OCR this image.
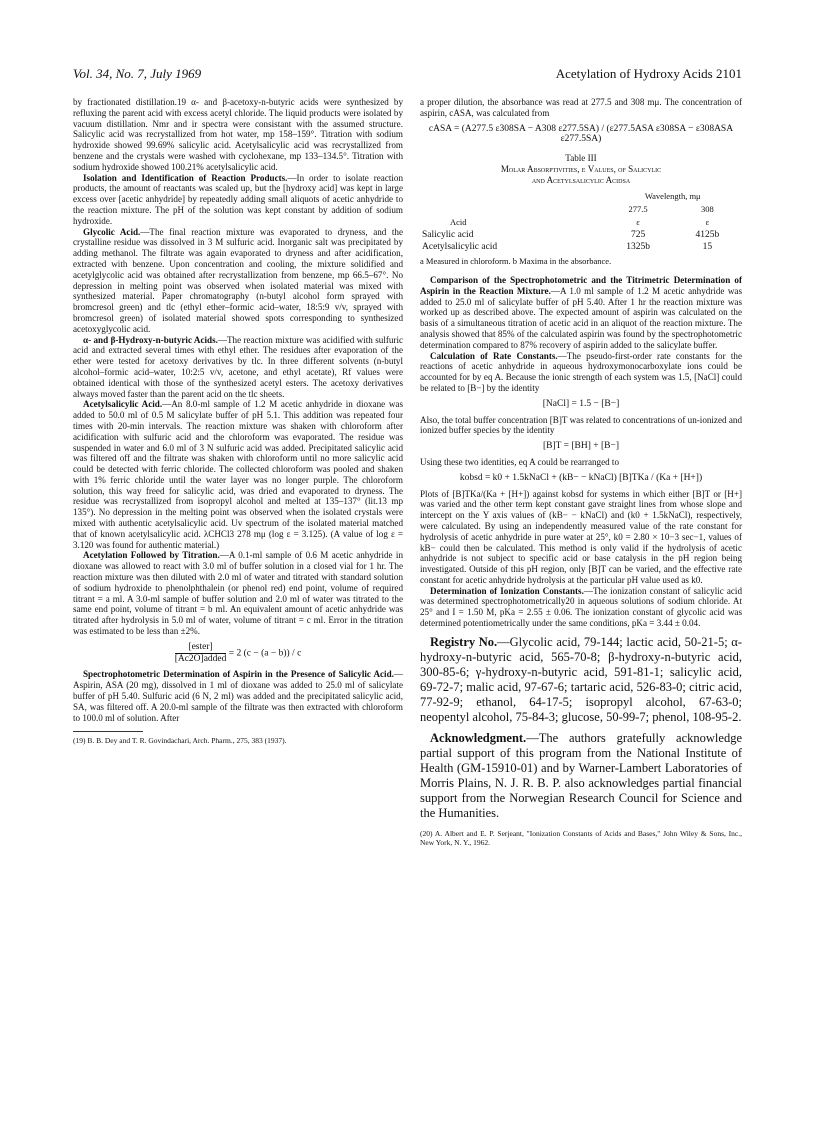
Vol. 34, No. 7, July 1969	Acetylation of Hydroxy Acids 2101

by fractionated distillation.19 α- and β-acetoxy-n-butyric acids were synthesized by refluxing the parent acid with excess acetyl chloride. The liquid products were isolated by vacuum distillation. Nmr and ir spectra were consistant with the assumed structure. Salicylic acid was recrystallized from hot water, mp 158–159°. Titration with sodium hydroxide showed 99.69% salicylic acid. Acetylsalicylic acid was recrystallized from benzene and the crystals were washed with cyclohexane, mp 133–134.5°. Titration with sodium hydroxide showed 100.21% acetylsalicylic acid.

Isolation and Identification of Reaction Products.—In order to isolate reaction products, the amount of reactants was scaled up, but the [hydroxy acid] was kept in large excess over [acetic anhydride] by repeatedly adding small aliquots of acetic anhydride to the reaction mixture. The pH of the solution was kept constant by addition of sodium hydroxide.

Glycolic Acid.—The final reaction mixture was evaporated to dryness, and the crystalline residue was dissolved in 3 M sulfuric acid. Inorganic salt was precipitated by adding methanol. The filtrate was again evaporated to dryness and after acidification, extracted with benzene. Upon concentration and cooling, the mixture solidified and acetylglycolic acid was obtained after recrystallization from benzene, mp 66.5–67°. No depression in melting point was observed when isolated material was mixed with synthesized material. Paper chromatography (n-butyl alcohol form sprayed with bromcresol green) and tlc (ethyl ether–formic acid–water, 18:5:9 v/v, sprayed with bromcresol green) of isolated material showed spots corresponding to synthesized acetoxyglycolic acid.

α- and β-Hydroxy-n-butyric Acids.—The reaction mixture was acidified with sulfuric acid and extracted several times with ethyl ether. The residues after evaporation of the ether were tested for acetoxy derivatives by tlc. In three different solvents (n-butyl alcohol–formic acid–water, 10:2:5 v/v, acetone, and ethyl acetate), Rf values were obtained identical with those of the synthesized acetyl esters. The acetoxy derivatives always moved faster than the parent acid on the tlc sheets.

Acetylsalicylic Acid.—An 8.0-ml sample of 1.2 M acetic anhydride in dioxane was added to 50.0 ml of 0.5 M salicylate buffer of pH 5.1. This addition was repeated four times with 20-min intervals. The reaction mixture was shaken with chloroform after acidification with sulfuric acid and the chloroform was evaporated. The residue was suspended in water and 6.0 ml of 3 N sulfuric acid was added. Precipitated salicylic acid was filtered off and the filtrate was shaken with chloroform until no more salicylic acid could be detected with ferric chloride. The collected chloroform was pooled and shaken with 1% ferric chloride until the water layer was no longer purple. The chloroform solution, this way freed for salicylic acid, was dried and evaporated to dryness. The residue was recrystallized from isopropyl alcohol and melted at 135–137° (lit.13 mp 135°). No depression in the melting point was observed when the isolated crystals were mixed with authentic acetylsalicylic acid. Uv spectrum of the isolated material matched that of known acetylsalicylic acid. λCHCl3 278 mμ (log ε = 3.125). (A value of log ε = 3.120 was found for authentic material.)

Acetylation Followed by Titration.—A 0.1-ml sample of 0.6 M acetic anhydride in dioxane was allowed to react with 3.0 ml of buffer solution in a closed vial for 1 hr. The reaction mixture was then diluted with 2.0 ml of water and titrated with standard solution of sodium hydroxide to phenolphthalein (or phenol red) end point, volume of required titrant = a ml. A 3.0-ml sample of buffer solution and 2.0 ml of water was titrated to the same end point, volume of titrant = b ml. An equivalent amount of acetic anhydride was titrated after hydrolysis in 5.0 ml of water, volume of titrant = c ml. Error in the titration was estimated to be less than ±2%.

$\frac{\text{[ester]}}{\text{[Ac2O]added}} = 2$ (c − (a − b)) / c

Spectrophotometric Determination of Aspirin in the Presence of Salicylic Acid.—Aspirin, ASA (20 mg), dissolved in 1 ml of dioxane was added to 25.0 ml of salicylate buffer of pH 5.40. Sulfuric acid (6 N, 2 ml) was added and the precipitated salicylic acid, SA, was filtered off. A 20.0-ml sample of the filtrate was then extracted with chloroform to 100.0 ml of solution. After

(19) B. B. Dey and T. R. Govindachari, Arch. Pharm., 275, 383 (1937).

a proper dilution, the absorbance was read at 277.5 and 308 mμ. The concentration of aspirin, cASA, was calculated from

cASA = (A277.5 ε308SA − A308 ε277.5SA) / (ε277.5ASA ε308SA − ε308ASA ε277.5SA)
Table III
Molar Absorptivities, ε Values, of Salicylic
and Acetylsalicylic Acidsa
	Wavelength, mμ	
	277.5	308
Acid	ε	ε
Salicylic acid	725	4125b
Acetylsalicylic acid	1325b	15
a Measured in chloroform. b Maxima in the absorbance.

Comparison of the Spectrophotometric and the Titrimetric Determination of Aspirin in the Reaction Mixture.—A 1.0 ml sample of 1.2 M acetic anhydride was added to 25.0 ml of salicylate buffer of pH 5.40. After 1 hr the reaction mixture was worked up as described above. The expected amount of aspirin was calculated on the basis of a simultaneous titration of acetic acid in an aliquot of the reaction mixture. The analysis showed that 85% of the calculated aspirin was found by the spectrophotometric determination compared to 87% recovery of aspirin added to the salicylate buffer.

Calculation of Rate Constants.—The pseudo-first-order rate constants for the reactions of acetic anhydride in aqueous hydroxymonocarboxylate ions could be accounted for by eq A. Because the ionic strength of each system was 1.5, [NaCl] could be related to [B−] by the identity

[NaCl] = 1.5 − [B−]

Also, the total buffer concentration [B]T was related to concentrations of un-ionized and ionized buffer species by the identity

[B]T = [BH] + [B−]

Using these two identities, eq A could be rearranged to

kobsd = k0 + 1.5kNaCl + (kB− − kNaCl) [B]TKa / (Ka + [H+])

Plots of [B]TKa/(Ka + [H+]) against kobsd for systems in which either [B]T or [H+] was varied and the other term kept constant gave straight lines from whose slope and intercept on the Y axis values of (kB− − kNaCl) and (k0 + 1.5kNaCl), respectively, were calculated. By using an independently measured value of the rate constant for hydrolysis of acetic anhydride in pure water at 25°, k0 = 2.80 × 10−3 sec−1, values of kB− could then be calculated. This method is only valid if the hydrolysis of acetic anhydride is not subject to specific acid or base catalysis in the pH region being investigated. Outside of this pH region, only [B]T can be varied, and the effective rate constant for acetic anhydride hydrolysis at the particular pH value used as k0.

Determination of Ionization Constants.—The ionization constant of salicylic acid was determined spectrophotometrically20 in aqueous solutions of sodium chloride. At 25° and I = 1.50 M, pKa = 2.55 ± 0.06. The ionization constant of glycolic acid was determined potentiometrically under the same conditions, pKa = 3.44 ± 0.04.

Registry No.—Glycolic acid, 79-144; lactic acid, 50-21-5; α-hydroxy-n-butyric acid, 565-70-8; β-hydroxy-n-butyric acid, 300-85-6; γ-hydroxy-n-butyric acid, 591-81-1; salicylic acid, 69-72-7; malic acid, 97-67-6; tartaric acid, 526-83-0; citric acid, 77-92-9; ethanol, 64-17-5; isopropyl alcohol, 67-63-0; neopentyl alcohol, 75-84-3; glucose, 50-99-7; phenol, 108-95-2.

Acknowledgment.—The authors gratefully acknowledge partial support of this program from the National Institute of Health (GM-15910-01) and by Warner-Lambert Laboratories of Morris Plains, N. J. R. B. P. also acknowledges partial financial support from the Norwegian Research Council for Science and the Humanities.

(20) A. Albert and E. P. Serjeant, "Ionization Constants of Acids and Bases," John Wiley & Sons, Inc., New York, N. Y., 1962.
